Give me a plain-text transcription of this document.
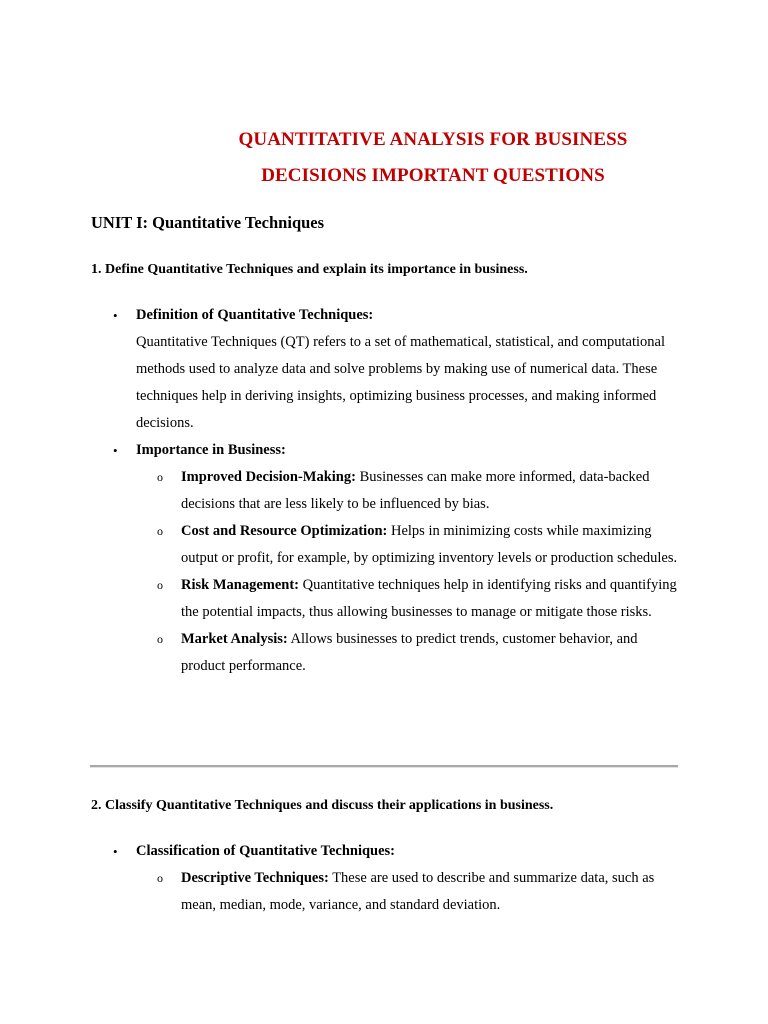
QUANTITATIVE ANALYSIS FOR BUSINESS
DECISIONS IMPORTANT QUESTIONS
UNIT I: Quantitative Techniques
1. Define Quantitative Techniques and explain its importance in business.
• Definition of Quantitative Techniques:
Quantitative Techniques (QT) refers to a set of mathematical, statistical, and computational methods used to analyze data and solve problems by making use of numerical data. These techniques help in deriving insights, optimizing business processes, and making informed decisions.
• Importance in Business:
o Improved Decision-Making: Businesses can make more informed, data-backed decisions that are less likely to be influenced by bias.
o Cost and Resource Optimization: Helps in minimizing costs while maximizing output or profit, for example, by optimizing inventory levels or production schedules.
o Risk Management: Quantitative techniques help in identifying risks and quantifying the potential impacts, thus allowing businesses to manage or mitigate those risks.
o Market Analysis: Allows businesses to predict trends, customer behavior, and product performance.
2. Classify Quantitative Techniques and discuss their applications in business.
• Classification of Quantitative Techniques:
o Descriptive Techniques: These are used to describe and summarize data, such as mean, median, mode, variance, and standard deviation.
